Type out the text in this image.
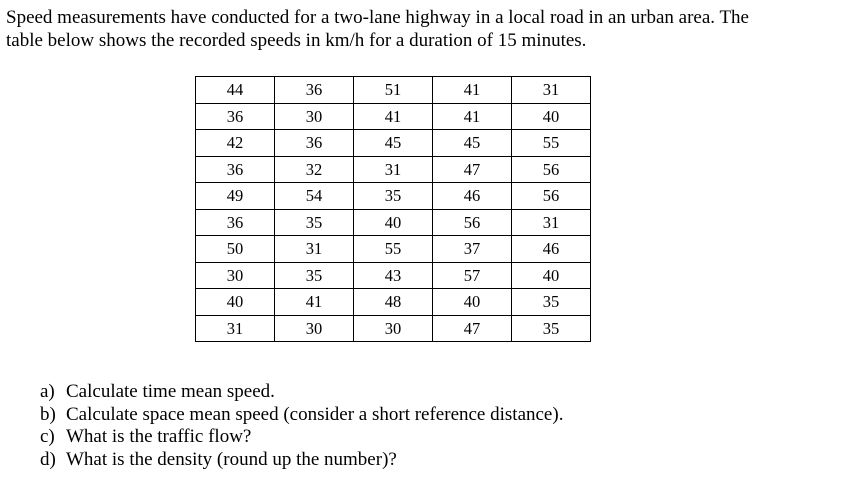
Speed measurements have conducted for a two-lane highway in a local road in an urban area. The

table below shows the recorded speeds in km/h for a duration of 15 minutes.

44	36	51	41	31
36	30	41	41	40
42	36	45	45	55
36	32	31	47	56
49	54	35	46	56
36	35	40	56	31
50	31	55	37	46
30	35	43	57	40
40	41	48	40	35
31	30	30	47	35
a) Calculate time mean speed.
b) Calculate space mean speed (consider a short reference distance).
c) What is the traffic flow?
d) What is the density (round up the number)?
